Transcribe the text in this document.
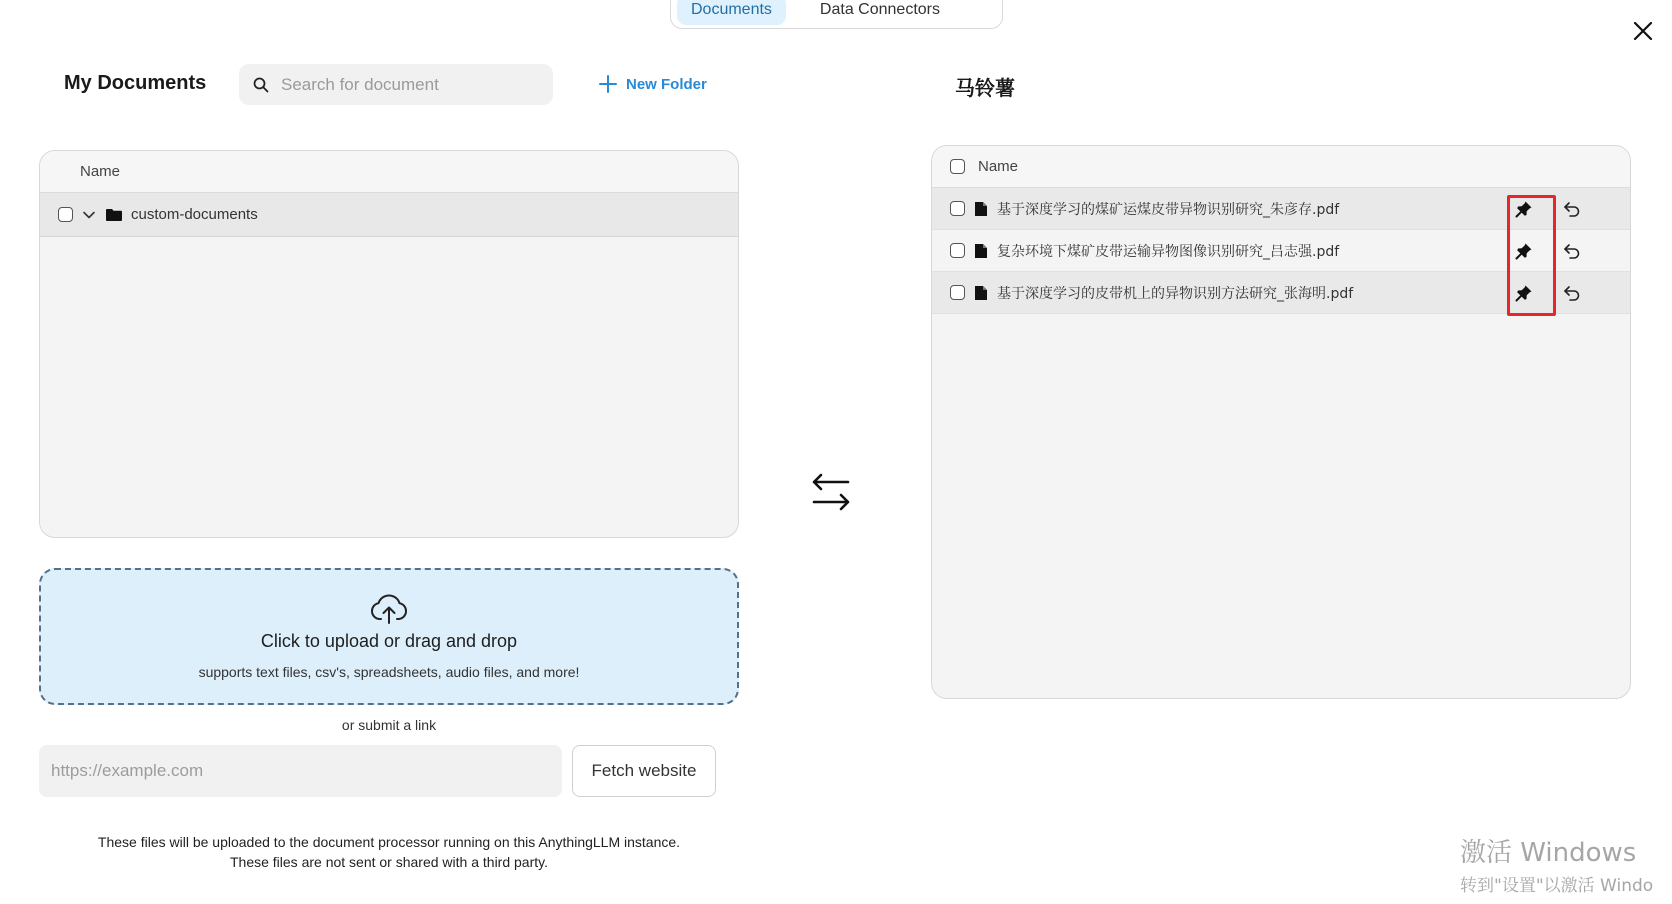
Documents	Data Connectors
My Documents
Search for document	New Folder
Name
custom-documents
Click to upload or drag and drop
supports text files, csv's, spreadsheets, audio files, and more!
or submit a link
https://example.com
Fetch website
These files will be uploaded to the document processor running on this AnythingLLM instance.
These files are not sent or shared with a third party.
马铃薯
Name
基于深度学习的煤矿运煤皮带异物识别研究_朱彦存.pdf
复杂环境下煤矿皮带运输异物图像识别研究_吕志强.pdf
基于深度学习的皮带机上的异物识别方法研究_张海明.pdf
激活 Windows
转到"设置"以激活 Windo
